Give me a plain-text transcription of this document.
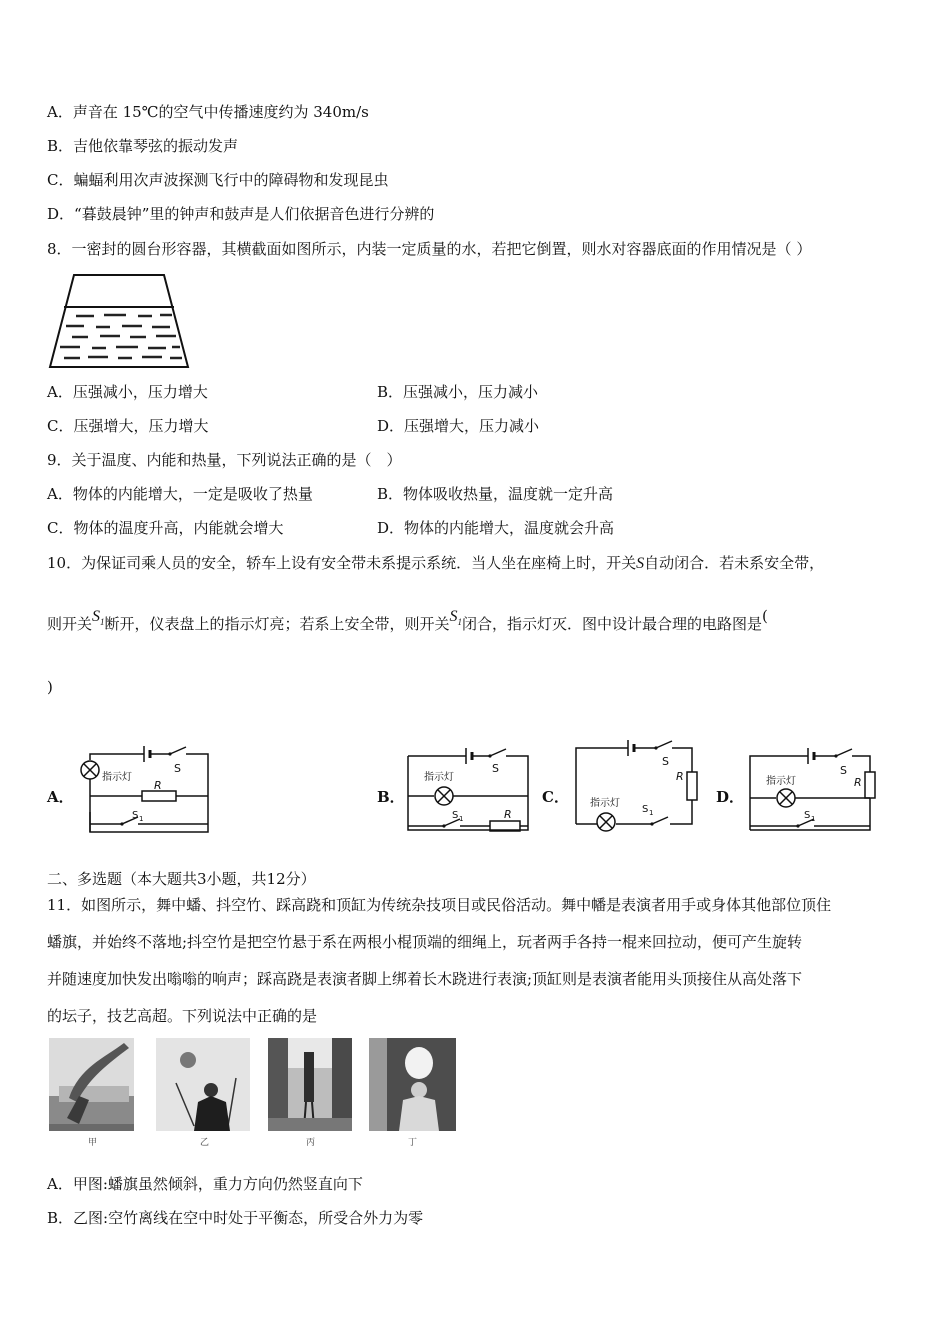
A．声音在 15℃的空气中传播速度约为 340m/s
B．吉他依靠琴弦的振动发声
C．蝙蝠利用次声波探测飞行中的障碍物和发现昆虫
D．“暮鼓晨钟”里的钟声和鼓声是人们依据音色进行分辨的
8．一密封的圆台形容器，其横截面如图所示，内装一定质量的水，若把它倒置，则水对容器底面的作用情况是（ ）
A．压强减小，压力增大	B．压强减小，压力减小
C．压强增大，压力增大	D．压强增大，压力减小
9．关于温度、内能和热量，下列说法正确的是（　）
A．物体的内能增大，一定是吸收了热量	B．物体吸收热量，温度就一定升高
C．物体的温度升高，内能就会增大	D．物体的内能增大，温度就会升高
10．为保证司乘人员的安全，轿车上设有安全带未系提示系统．当人坐在座椅上时，开关S自动闭合．若未系安全带，
则开关$S_1$断开，仪表盘上的指示灯亮；若系上安全带，则开关$S_1$闭合，指示灯灭．图中设计最合理的电路图是(
)
A．	B．	C．	D．
指示灯
S
R
S 1
指示灯
S
R
S 1
指示灯
S
R
S 1
指示灯
S
R
S 1
二、多选题（本大题共3小题，共12分）
11．如图所示，舞中蟠、抖空竹、踩高跷和顶缸为传统杂技项目或民俗活动。舞中幡是表演者用手或身体其他部位顶住
蟠旗，并始终不落地;抖空竹是把空竹悬于系在两根小棍顶端的细绳上，玩者两手各持一棍来回拉动，便可产生旋转
并随速度加快发出嗡嗡的响声；踩高跷是表演者脚上绑着长木跷进行表演;顶缸则是表演者能用头顶接住从高处落下
的坛子，技艺高超。下列说法中正确的是
甲	乙	丙	丁
A．甲图:蟠旗虽然倾斜，重力方向仍然竖直向下
B．乙图:空竹离线在空中时处于平衡态，所受合外力为零
